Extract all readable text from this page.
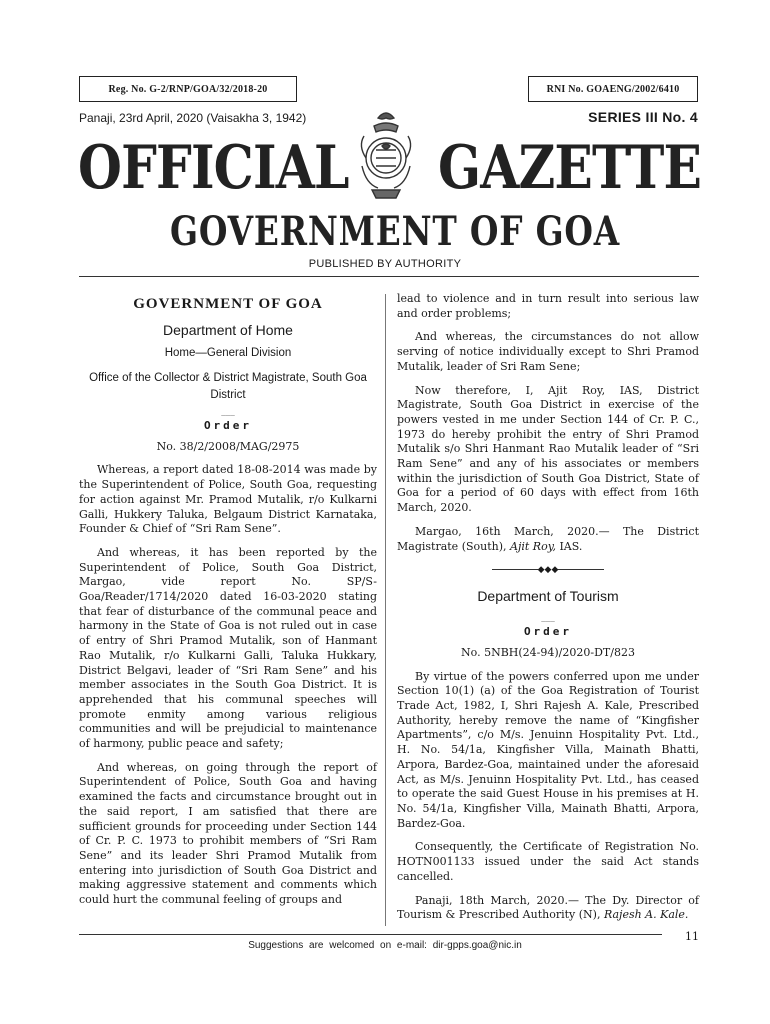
Reg. No. G-2/RNP/GOA/32/2018-20	RNI No. GOAENG/2002/6410
Panaji, 23rd April, 2020 (Vaisakha 3, 1942)	SERIES III No. 4
OFFICIAL GAZETTE
GOVERNMENT OF GOA
PUBLISHED BY AUTHORITY
GOVERNMENT OF GOA
Department of Home
Home—General Division
Office of the Collector & District Magistrate, South Goa District
___
Order
No. 38/2/2008/MAG/2975

Whereas, a report dated 18-08-2014 was made by the Superintendent of Police, South Goa, requesting for action against Mr. Pramod Mutalik, r/o Kulkarni Galli, Hukkery Taluka, Belgaum District Karnataka, Founder & Chief of “Sri Ram Sene”.

And whereas, it has been reported by the Superintendent of Police, South Goa District, Margao, vide report No. SP/S-Goa/Reader/1714/2020 dated 16-03-2020 stating that fear of disturbance of the communal peace and harmony in the State of Goa is not ruled out in case of entry of Shri Pramod Mutalik, son of Hanmant Rao Mutalik, r/o Kulkarni Galli, Taluka Hukkary, District Belgavi, leader of “Sri Ram Sene” and his member associates in the South Goa District. It is apprehended that his communal speeches will promote enmity among various religious communities and will be prejudicial to maintenance of harmony, public peace and safety;

And whereas, on going through the report of Superintendent of Police, South Goa and having examined the facts and circumstance brought out in the said report, I am satisfied that there are sufficient grounds for proceeding under Section 144 of Cr. P. C. 1973 to prohibit members of “Sri Ram Sene” and its leader Shri Pramod Mutalik from entering into jurisdiction of South Goa District and making aggressive statement and comments which could hurt the communal feeling of groups and

lead to violence and in turn result into serious law and order problems;

And whereas, the circumstances do not allow serving of notice individually except to Shri Pramod Mutalik, leader of Sri Ram Sene;

Now therefore, I, Ajit Roy, IAS, District Magistrate, South Goa District in exercise of the powers vested in me under Section 144 of Cr. P. C., 1973 do hereby prohibit the entry of Shri Pramod Mutalik s/o Shri Hanmant Rao Mutalik leader of “Sri Ram Sene” and any of his associates or members within the jurisdiction of South Goa District, State of Goa for a period of 60 days with effect from 16th March, 2020.

Margao, 16th March, 2020.— The District Magistrate (South), Ajit Roy, IAS.

◆◆◆
Department of Tourism
___
Order
No. 5NBH(24-94)/2020-DT/823

By virtue of the powers conferred upon me under Section 10(1) (a) of the Goa Registration of Tourist Trade Act, 1982, I, Shri Rajesh A. Kale, Prescribed Authority, hereby remove the name of “Kingfisher Apartments”, c/o M/s. Jenuinn Hospitality Pvt. Ltd., H. No. 54/1a, Kingfisher Villa, Mainath Bhatti, Arpora, Bardez-Goa, maintained under the aforesaid Act, as M/s. Jenuinn Hospitality Pvt. Ltd., has ceased to operate the said Guest House in his premises at H. No. 54/1a, Kingfisher Villa, Mainath Bhatti, Arpora, Bardez-Goa.

Consequently, the Certificate of Registration No. HOTN001133 issued under the said Act stands cancelled.

Panaji, 18th March, 2020.— The Dy. Director of Tourism & Prescribed Authority (N), Rajesh A. Kale.

11
Suggestions are welcomed on e-mail: dir-gpps.goa@nic.in
